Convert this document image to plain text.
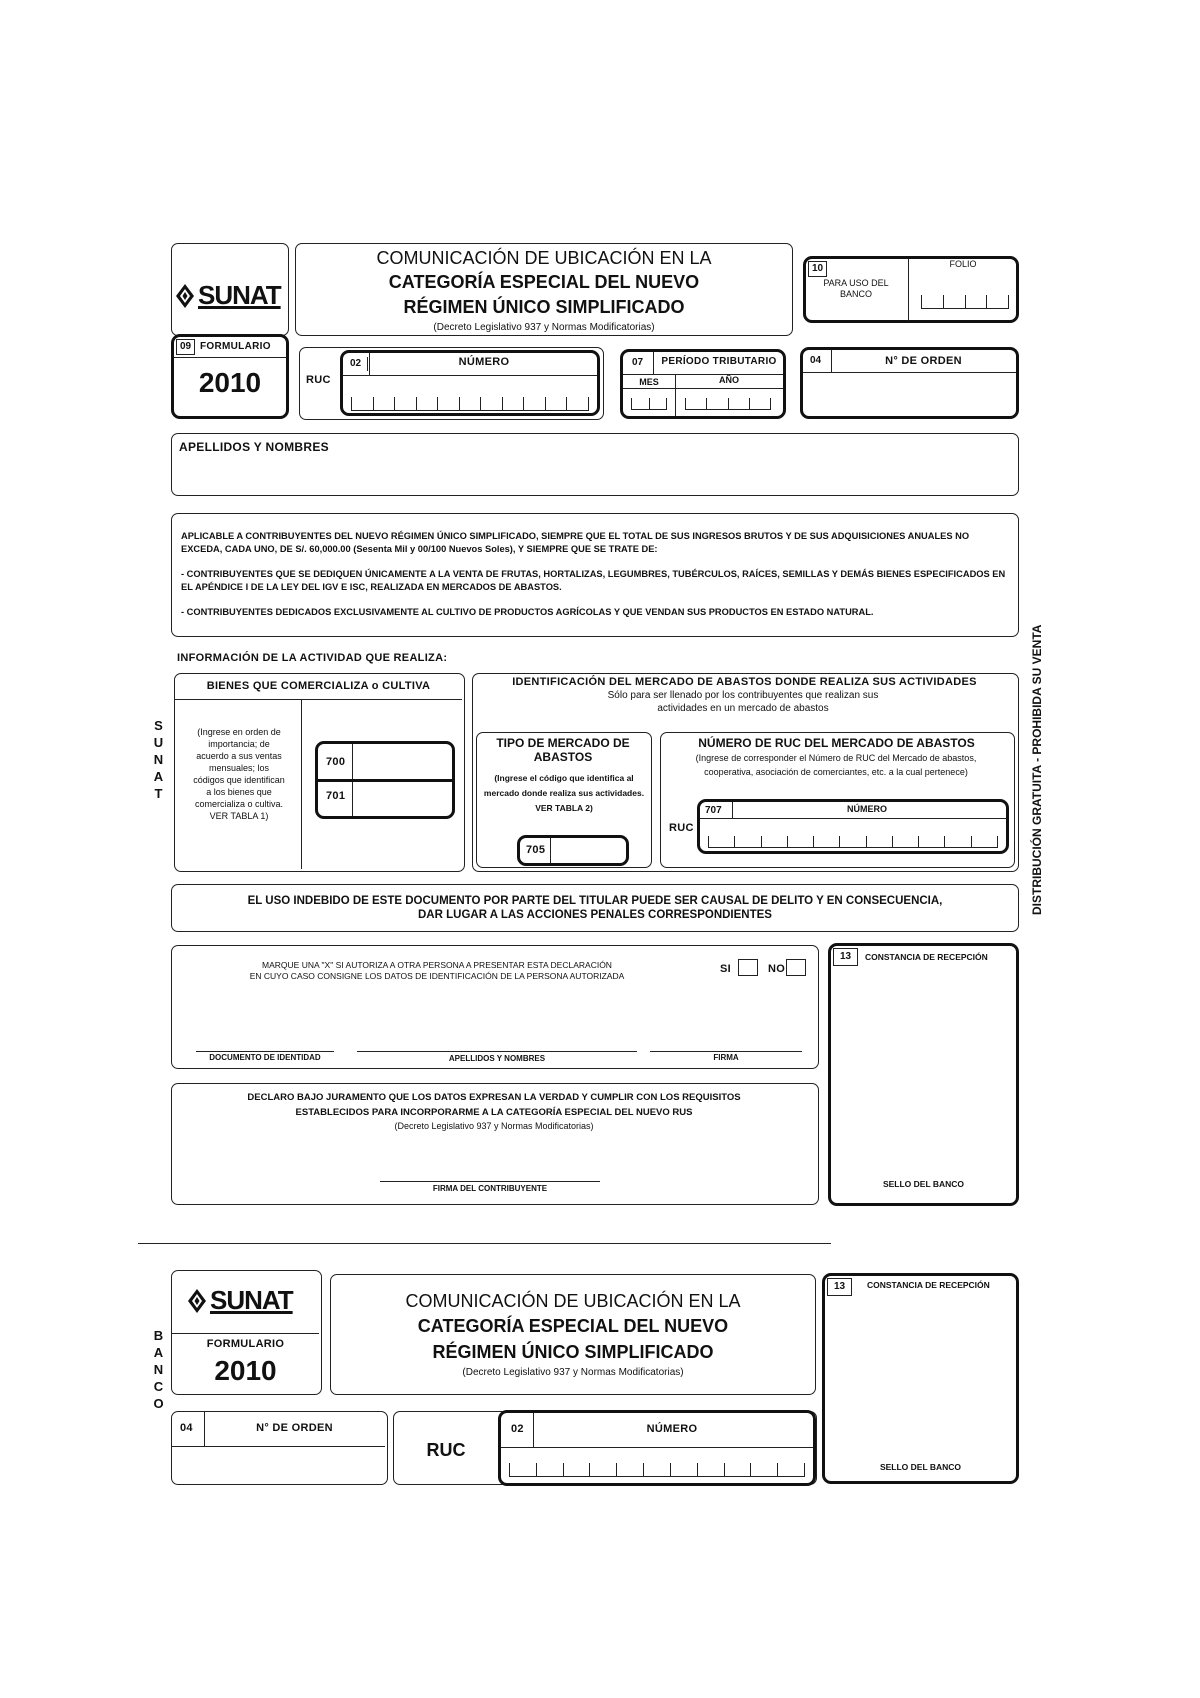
SUNAT
COMUNICACIÓN DE UBICACIÓN EN LA
CATEGORÍA ESPECIAL DEL NUEVO
RÉGIMEN ÚNICO SIMPLIFICADO
(Decreto Legislativo 937 y Normas Modificatorias)
10
PARA USO DEL BANCO
FOLIO
09 FORMULARIO
2010	RUC
02	NÚMERO	07	PERÍODO TRIBUTARIO
MES	AÑO
04	N° DE ORDEN
APELLIDOS Y NOMBRES
APLICABLE A CONTRIBUYENTES DEL NUEVO RÉGIMEN ÚNICO SIMPLIFICADO, SIEMPRE QUE EL TOTAL DE SUS INGRESOS BRUTOS Y DE SUS ADQUISICIONES ANUALES NO EXCEDA, CADA UNO, DE S/. 60,000.00 (Sesenta Mil y 00/100 Nuevos Soles), Y SIEMPRE QUE SE TRATE DE:
- CONTRIBUYENTES QUE SE DEDIQUEN ÚNICAMENTE A LA VENTA DE FRUTAS, HORTALIZAS, LEGUMBRES, TUBÉRCULOS, RAÍCES, SEMILLAS Y DEMÁS BIENES ESPECIFICADOS EN EL APÉNDICE I DE LA LEY DEL IGV E ISC, REALIZADA EN MERCADOS DE ABASTOS.
- CONTRIBUYENTES DEDICADOS EXCLUSIVAMENTE AL CULTIVO DE PRODUCTOS AGRÍCOLAS Y QUE VENDAN SUS PRODUCTOS EN ESTADO NATURAL.
INFORMACIÓN DE LA ACTIVIDAD QUE REALIZA:
SUNAT
BIENES QUE COMERCIALIZA o CULTIVA
(Ingrese en orden de importancia; de acuerdo a sus ventas mensuales; los códigos que identifican a los bienes que comercializa o cultiva. VER TABLA 1)
700
701
IDENTIFICACIÓN DEL MERCADO DE ABASTOS DONDE REALIZA SUS ACTIVIDADES
Sólo para ser llenado por los contribuyentes que realizan sus actividades en un mercado de abastos
TIPO DE MERCADO DE ABASTOS
(Ingrese el código que identifica al mercado donde realiza sus actividades. VER TABLA 2)
705
NÚMERO DE RUC DEL MERCADO DE ABASTOS
(Ingrese de corresponder el Número de RUC del Mercado de abastos, cooperativa, asociación de comerciantes, etc. a la cual pertenece)
RUC
707	NÚMERO	DISTRIBUCIÓN GRATUITA - PROHIBIDA SU VENTA
EL USO INDEBIDO DE ESTE DOCUMENTO POR PARTE DEL TITULAR PUEDE SER CAUSAL DE DELITO Y EN CONSECUENCIA,
DAR LUGAR A LAS ACCIONES PENALES CORRESPONDIENTES
MARQUE UNA "X" SI AUTORIZA A OTRA PERSONA A PRESENTAR ESTA DECLARACIÓN
EN CUYO CASO CONSIGNE LOS DATOS DE IDENTIFICACIÓN DE LA PERSONA AUTORIZADA
SI	NO
DOCUMENTO DE IDENTIDAD	APELLIDOS Y NOMBRES	FIRMA
DECLARO BAJO JURAMENTO QUE LOS DATOS EXPRESAN LA VERDAD Y CUMPLIR CON LOS REQUISITOS
ESTABLECIDOS PARA INCORPORARME A LA CATEGORÍA ESPECIAL DEL NUEVO RUS
(Decreto Legislativo 937 y Normas Modificatorias)
FIRMA DEL CONTRIBUYENTE
13	CONSTANCIA DE RECEPCIÓN
SELLO DEL BANCO
BANCO
SUNAT
FORMULARIO
2010
COMUNICACIÓN DE UBICACIÓN EN LA
CATEGORÍA ESPECIAL DEL NUEVO
RÉGIMEN ÚNICO SIMPLIFICADO
(Decreto Legislativo 937 y Normas Modificatorias)
13	CONSTANCIA DE RECEPCIÓN
SELLO DEL BANCO
04	N° DE ORDEN
RUC
02	NÚMERO
